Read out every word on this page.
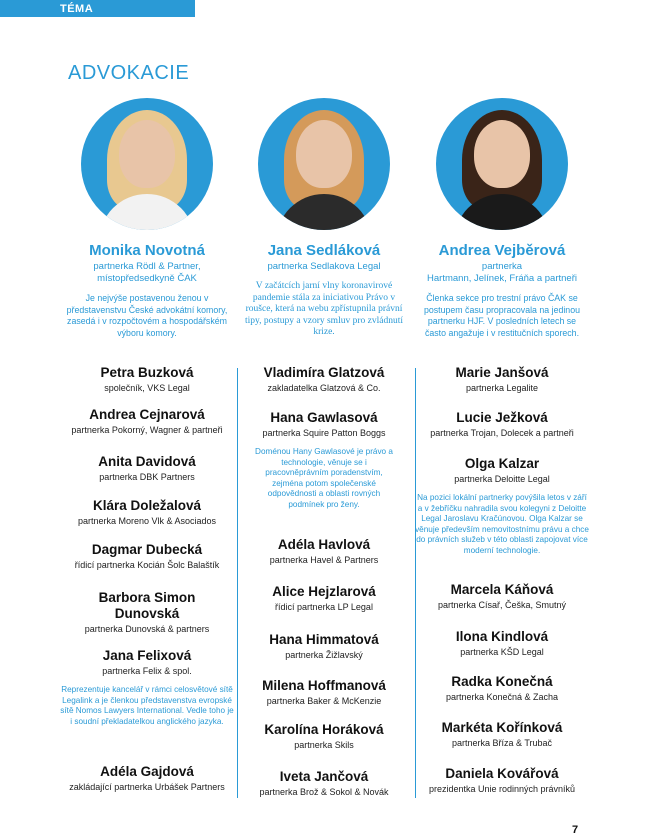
TÉMA
ADVOKACIE
Monika Novotná
partnerka Rödl & Partner,
místopředsedkyně ČAK
Je nejvýše postavenou ženou v představenstvu České advokátní komory, zasedá i v rozpočtovém a hospodářském výboru komory.
Jana Sedláková
partnerka Sedlakova Legal
V začátcích jarní vlny koronavirové pandemie stála za iniciativou Právo v roušce, která na webu zpřístupnila právní tipy, postupy a vzory smluv pro zvládnutí krize.
Andrea Vejběrová
partnerka
Hartmann, Jelínek, Fráňa a partneři
Členka sekce pro trestní právo ČAK se postupem času propracovala na jedinou partnerku HJF. V posledních letech se často angažuje i v restitučních sporech.
Petra Buzková
společník, VKS Legal
Andrea Cejnarová
partnerka Pokorný, Wagner & partneři
Anita Davidová
partnerka DBK Partners
Klára Doležalová
partnerka Moreno Vlk & Asociados
Dagmar Dubecká
řídicí partnerka Kocián Šolc Balaštík
Barbora Simon Dunovská
partnerka Dunovská & partners
Jana Felixová
partnerka Felix & spol.
Reprezentuje kancelář v rámci celosvětové sítě Legalink a je členkou představenstva evropské sítě Nomos Lawyers International. Vedle toho je i soudní překladatelkou anglického jazyka.
Adéla Gajdová
zakládající partnerka Urbášek Partners
Vladimíra Glatzová
zakladatelka Glatzová & Co.
Hana Gawlasová
partnerka Squire Patton Boggs
Doménou Hany Gawlasové je právo a technologie, věnuje se i pracovněprávním poradenstvím, zejména potom společenské odpovědnosti a oblasti rovných podmínek pro ženy.
Adéla Havlová
partnerka Havel & Partners
Alice Hejzlarová
řídicí partnerka LP Legal
Hana Himmatová
partnerka Žižlavský
Milena Hoffmanová
partnerka Baker & McKenzie
Karolína Horáková
partnerka Skils
Iveta Jančová
partnerka Brož & Sokol & Novák
Marie Janšová
partnerka Legalite
Lucie Ježková
partnerka Trojan, Dolecek a partneři
Olga Kalzar
partnerka Deloitte Legal
Na pozici lokální partnerky povýšila letos v září a v žebříčku nahradila svou kolegyni z Deloitte Legal Jaroslavu Kračúnovou. Olga Kalzar se věnuje především nemovitostnímu právu a chce do právních služeb v této oblasti zapojovat více moderní technologie.
Marcela Káňová
partnerka Císař, Češka, Smutný
Ilona Kindlová
partnerka KŠD Legal
Radka Konečná
partnerka Konečná & Zacha
Markéta Kořínková
partnerka Bříza & Trubač
Daniela Kovářová
prezidentka Unie rodinných právníků
7
